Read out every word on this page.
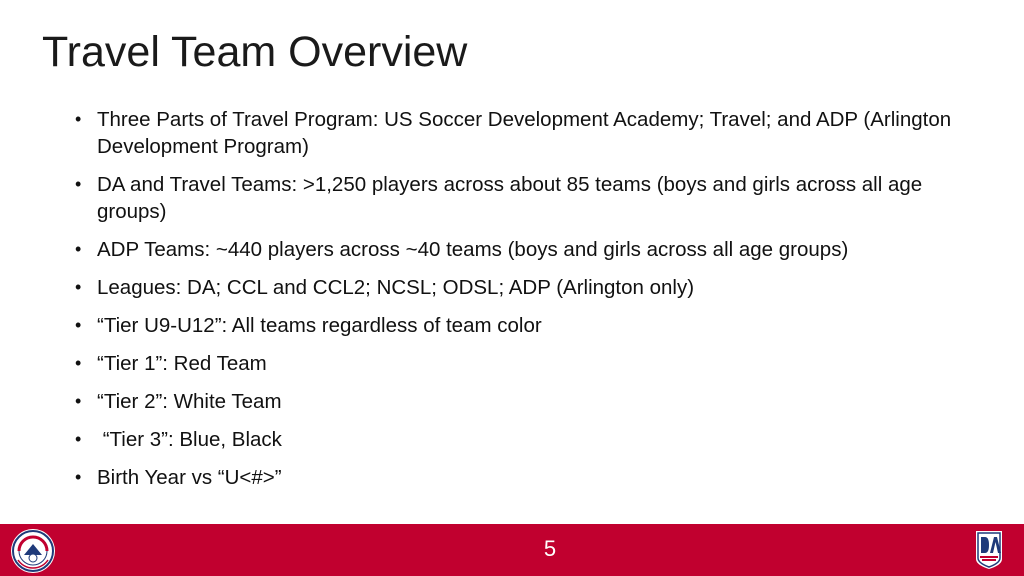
Travel Team Overview
• Three Parts of Travel Program: US Soccer Development Academy; Travel; and ADP (Arlington Development Program)
• DA and Travel Teams: >1,250 players across about 85 teams (boys and girls across all age groups)
• ADP Teams: ~440 players across ~40 teams (boys and girls across all age groups)
• Leagues: DA; CCL and CCL2; NCSL; ODSL; ADP (Arlington only)
• “Tier U9-U12”: All teams regardless of team color
• “Tier 1”: Red Team
• “Tier 2”: White Team
• “Tier 3”: Blue, Black
• Birth Year vs “U<#>”
5
